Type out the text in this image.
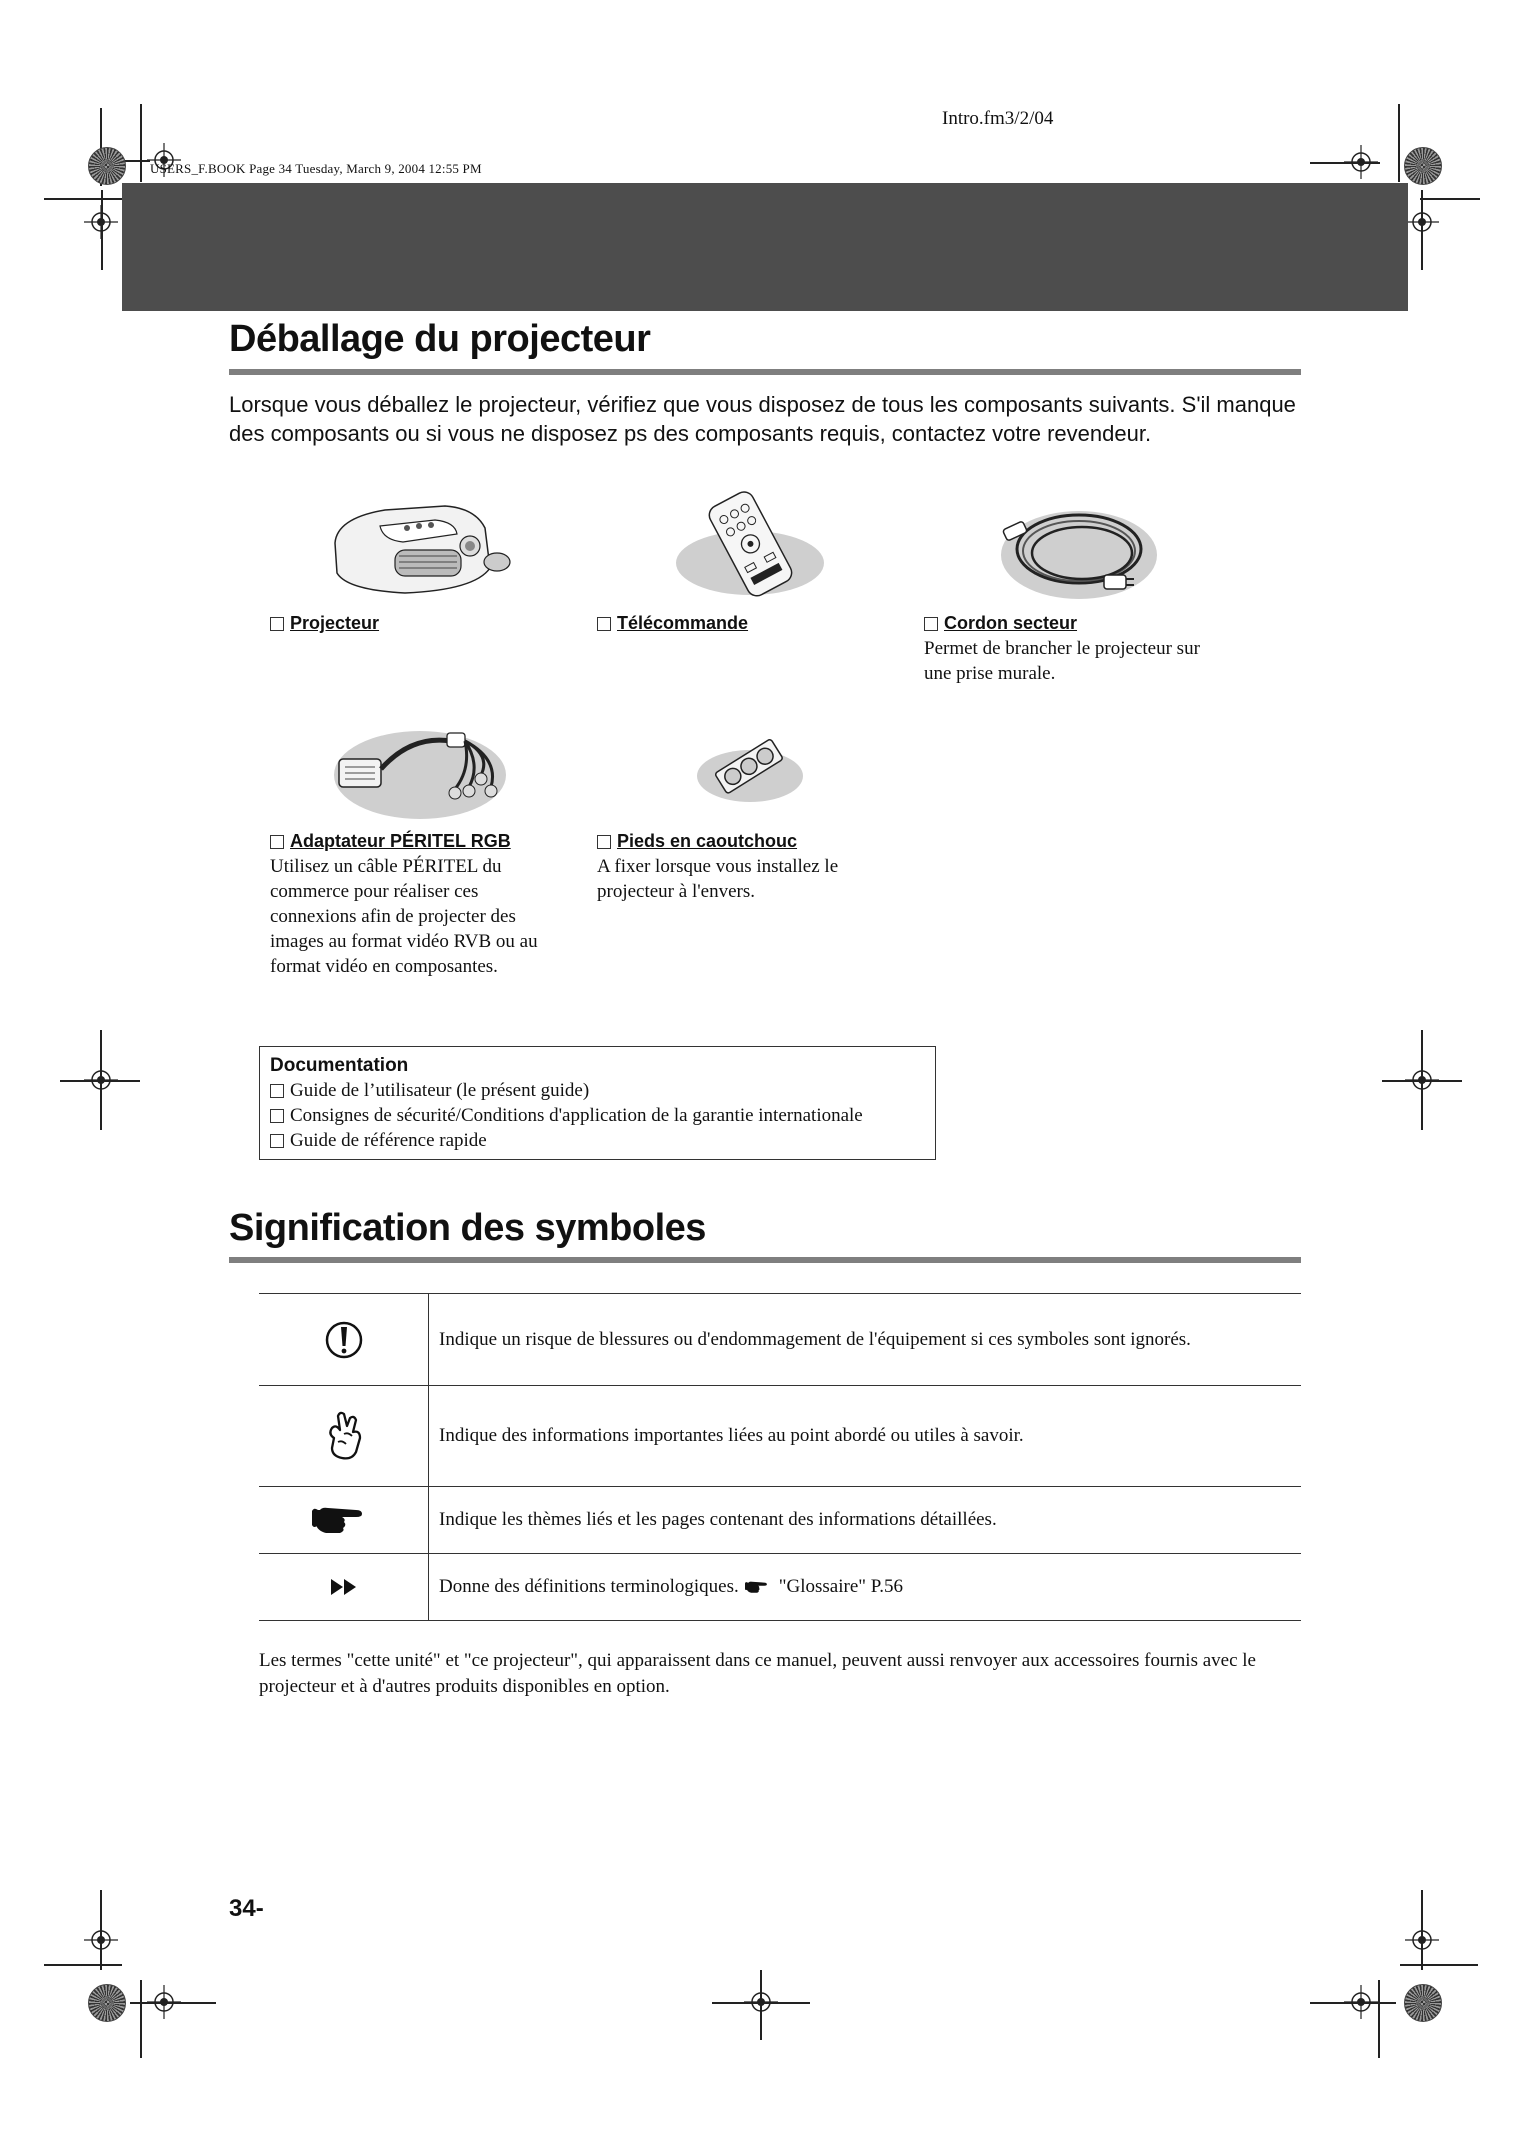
Intro.fm3/2/04
USERS_F.BOOK Page 34 Tuesday, March 9, 2004 12:55 PM
Déballage du projecteur
Lorsque vous déballez le projecteur, vérifiez que vous disposez de tous les composants suivants. S'il manque des composants ou si vous ne disposez ps des composants requis, contactez votre revendeur.
Projecteur	Télécommande	Cordon secteur
Permet de brancher le projecteur sur
une prise murale.
Adaptateur PÉRITEL RGB
Utilisez un câble PÉRITEL du
commerce pour réaliser ces
connexions afin de projecter des
images au format vidéo RVB ou au
format vidéo en composantes.
Pieds en caoutchouc
A fixer lorsque vous installez le
projecteur à l'envers.
Documentation
Guide de l’utilisateur (le présent guide)
Consignes de sécurité/Conditions d'application de la garantie internationale
Guide de référence rapide
Signification des symboles
Indique un risque de blessures ou d'endommagement de l'équipement si ces symboles sont ignorés.
Indique des informations importantes liées au point abordé ou utiles à savoir.
Indique les thèmes liés et les pages contenant des informations détaillées.
Donne des définitions terminologiques. "Glossaire" P.56
Les termes "cette unité" et "ce projecteur", qui apparaissent dans ce manuel, peuvent aussi renvoyer aux accessoires fournis avec le projecteur et à d'autres produits disponibles en option.
34-
